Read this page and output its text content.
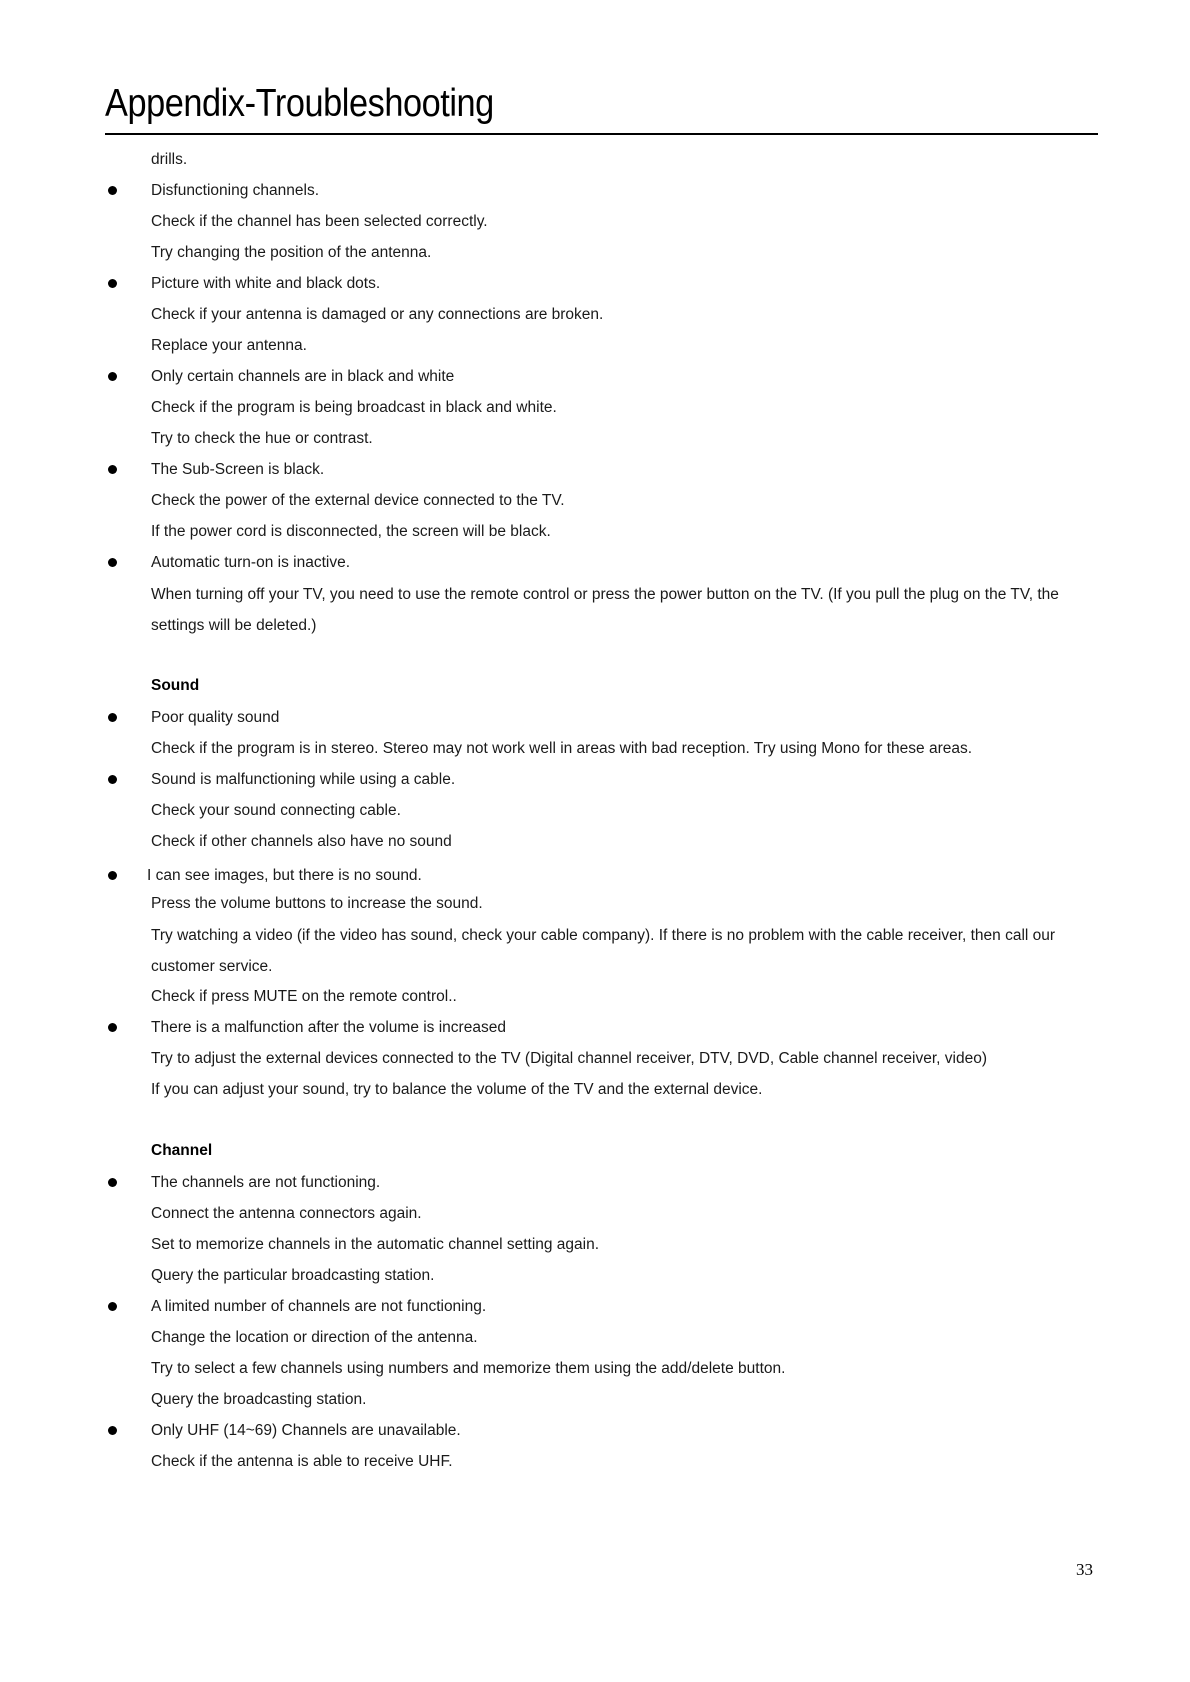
Appendix-Troubleshooting
drills.
Disfunctioning channels.
Check if the channel has been selected correctly.
Try changing the position of the antenna.
Picture with white and black dots.
Check if your antenna is damaged or any connections are broken.
Replace your antenna.
Only certain channels are in black and white
Check if the program is being broadcast in black and white.
Try to check the hue or contrast.
The Sub-Screen is black.
Check the power of the external device connected to the TV.
If the power cord is disconnected, the screen will be black.
Automatic turn-on is inactive.
When turning off your TV, you need to use the remote control or press the power button on the TV. (If you pull the plug on the TV, the settings will be deleted.)
Sound
Poor quality sound
Check if the program is in stereo. Stereo may not work well in areas with bad reception. Try using Mono for these areas.
Sound is malfunctioning while using a cable.
Check your sound connecting cable.
Check if other channels also have no sound
I can see images, but there is no sound.
Press the volume buttons to increase the sound.
Try watching a video (if the video has sound, check your cable company). If there is no problem with the cable receiver, then call our customer service.
Check if press MUTE on the remote control..
There is a malfunction after the volume is increased
Try to adjust the external devices connected to the TV (Digital channel receiver, DTV, DVD, Cable channel receiver, video)
If you can adjust your sound, try to balance the volume of the TV and the external device.
Channel
The channels are not functioning.
Connect the antenna connectors again.
Set to memorize channels in the automatic channel setting again.
Query the particular broadcasting station.
A limited number of channels are not functioning.
Change the location or direction of the antenna.
Try to select a few channels using numbers and memorize them using the add/delete button.
Query the broadcasting station.
Only UHF (14~69) Channels are unavailable.
Check if the antenna is able to receive UHF.
33
